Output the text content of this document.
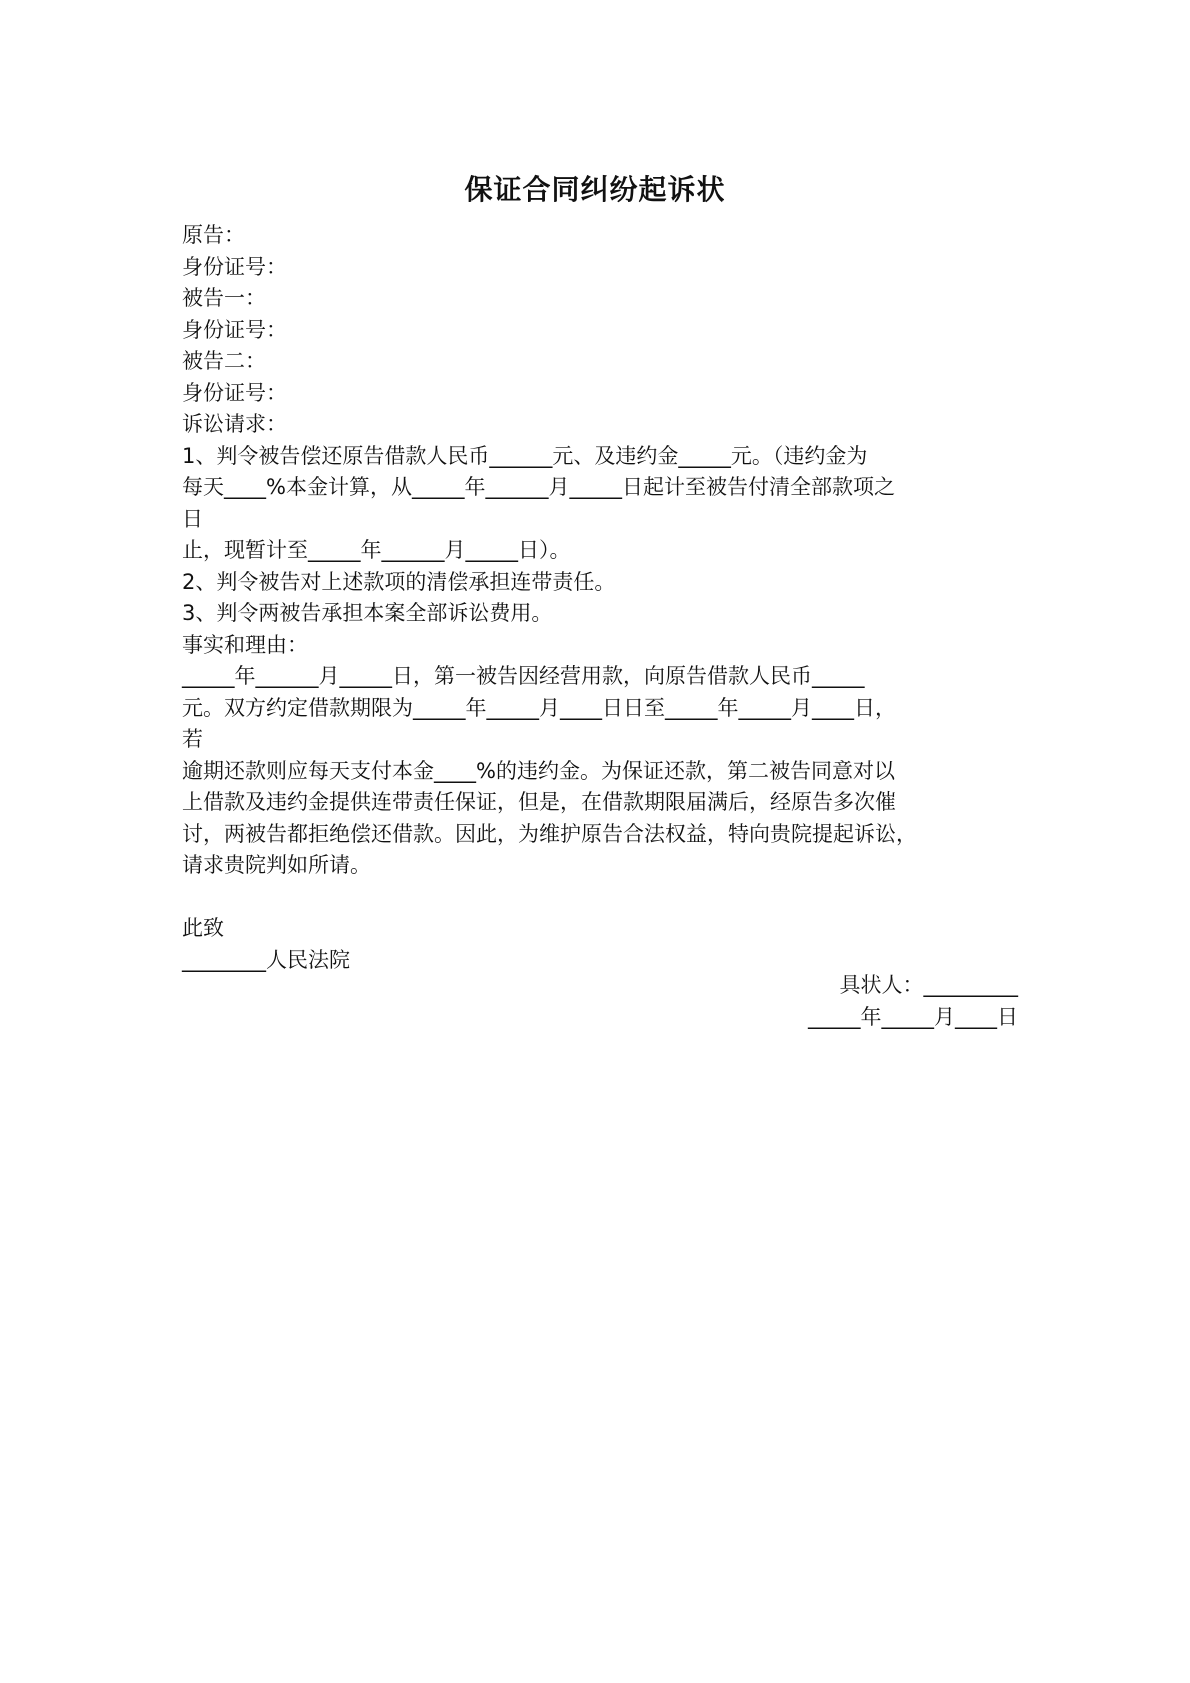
保证合同纠纷起诉状
原告：
身份证号：
被告一：
身份证号：
被告二：
身份证号：
诉讼请求：
1、判令被告偿还原告借款人民币______元、及违约金_____元。（违约金为
每天____%本金计算，从_____年______月_____日起计至被告付清全部款项之
日
止，现暂计至_____年______月_____日）。
2、判令被告对上述款项的清偿承担连带责任。
3、判令两被告承担本案全部诉讼费用。
事实和理由：
_____年______月_____日，第一被告因经营用款，向原告借款人民币_____
元。双方约定借款期限为_____年_____月____日日至_____年_____月____日，
若
逾期还款则应每天支付本金____%的违约金。为保证还款，第二被告同意对以
上借款及违约金提供连带责任保证，但是，在借款期限届满后，经原告多次催
讨，两被告都拒绝偿还借款。因此，为维护原告合法权益，特向贵院提起诉讼，
请求贵院判如所请。
此致
________人民法院
具状人：_________
_____年_____月____日
